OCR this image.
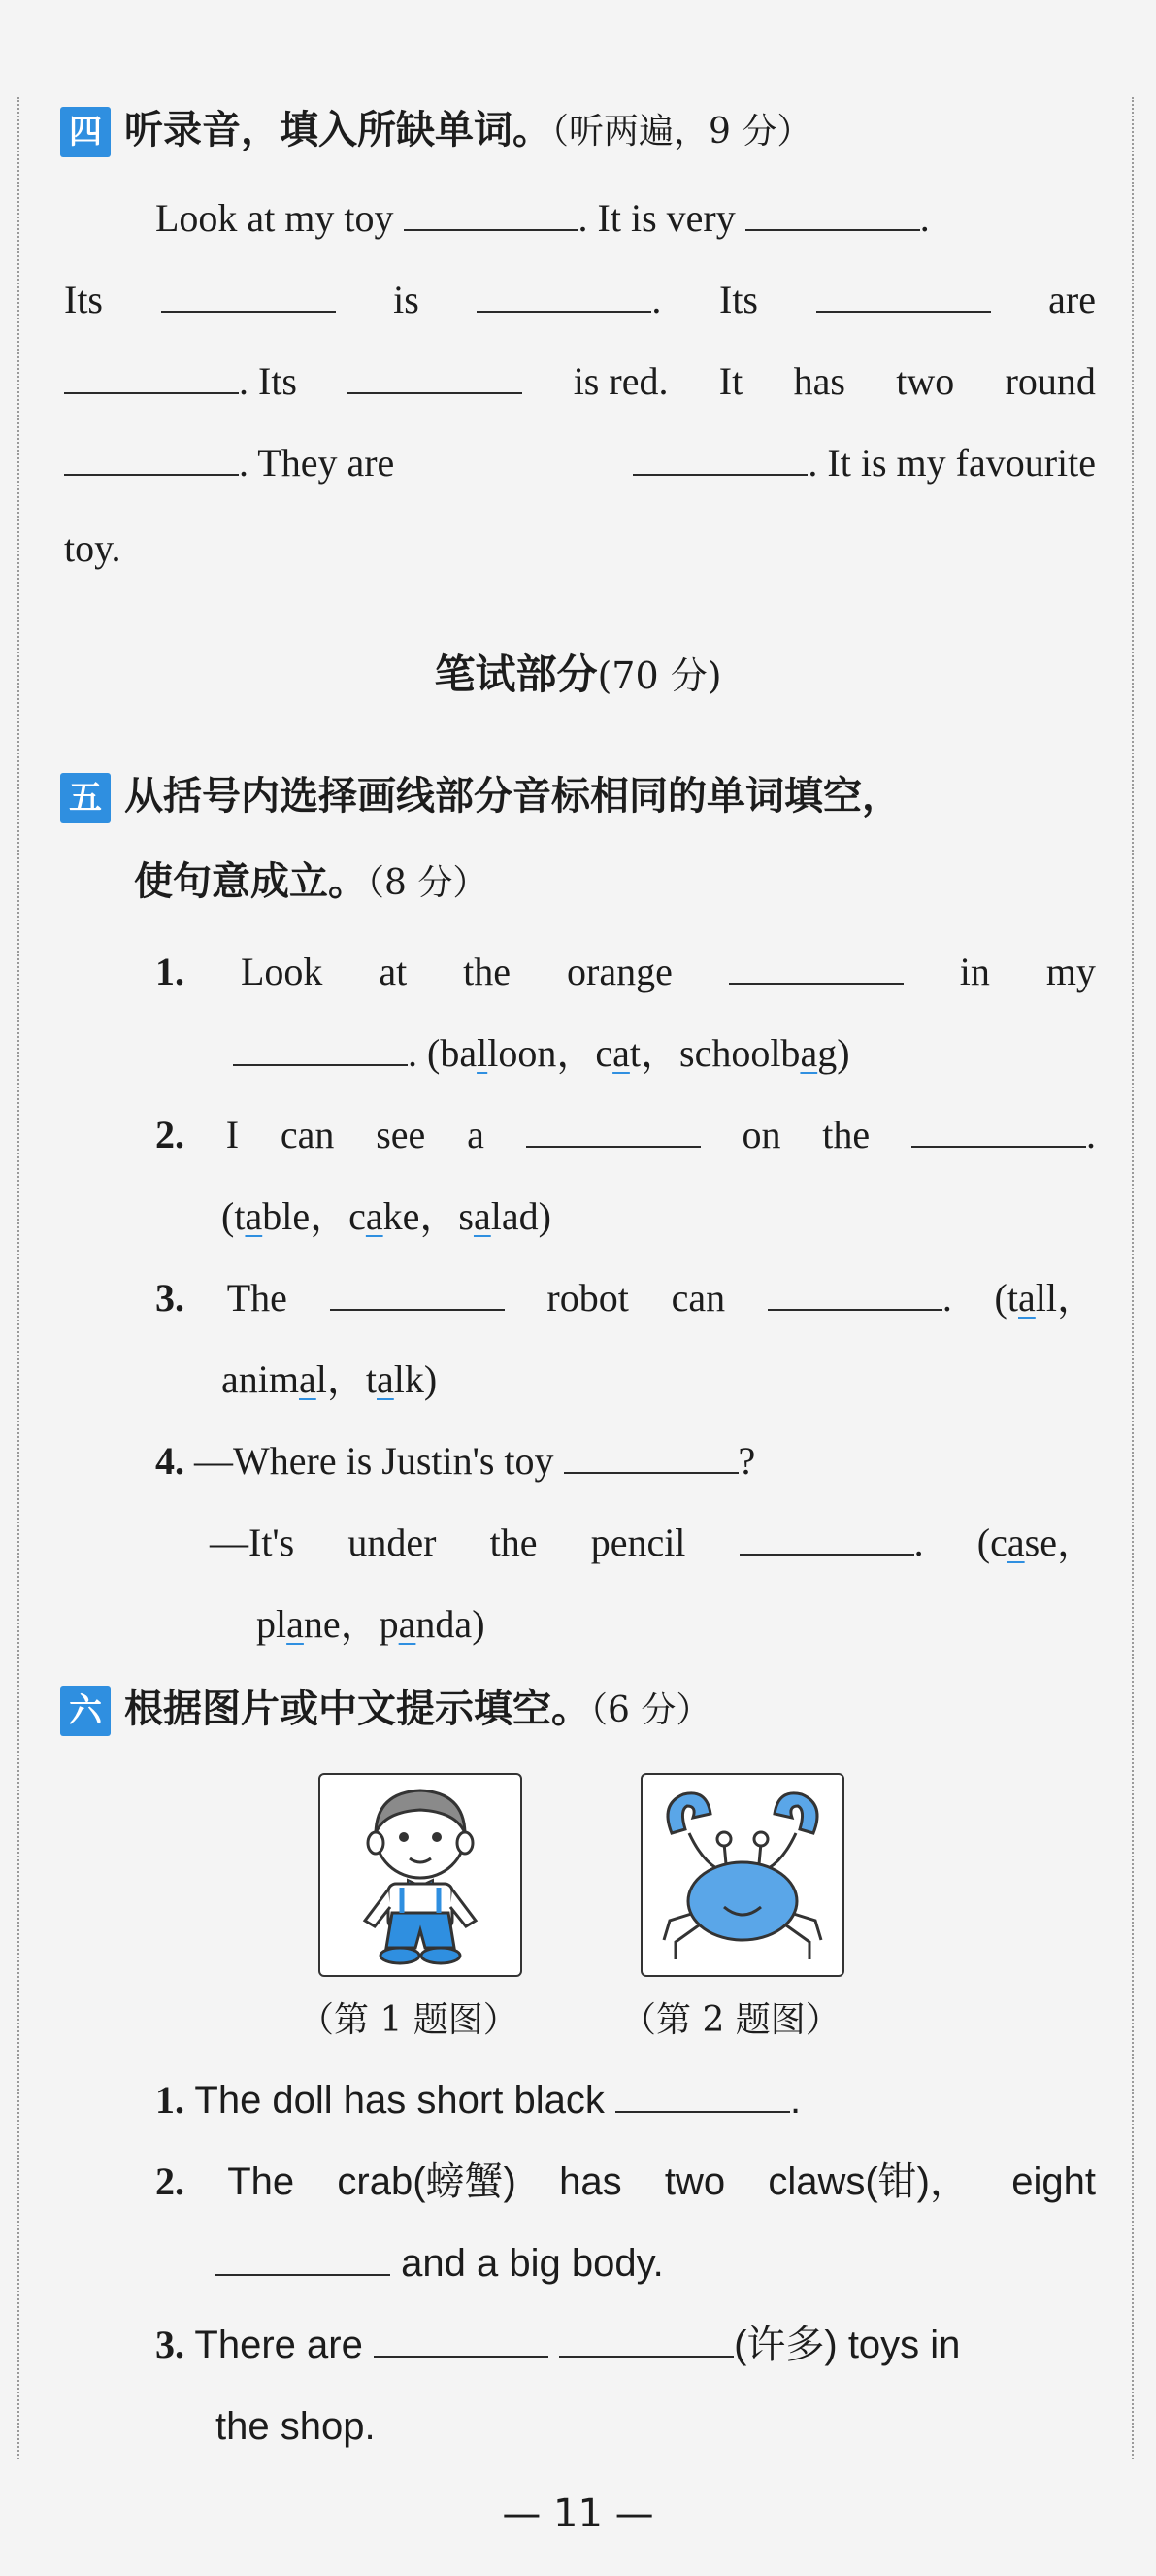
四 听录音，填入所缺单词。（听两遍，9 分）
Look at my toy	. It is very	.
Its	is	. Its	are
. Its	is red. It has two round
. They are	. It is my favourite
toy.
笔试部分(70 分)
五 从括号内选择画线部分音标相同的单词填空，
使句意成立。（8 分）
1. Look at the orange	in my
. (balloon，cat，schoolbag)
2. I can see a	on the	.
(table，cake，salad)
3. The	robot can	. (tall，
animal，talk)
4. —Where is Justin's toy	?
—It's under the pencil	. (case，
plane，panda)
六 根据图片或中文提示填空。（6 分）
（第 1 题图）	（第 2 题图）
1. The doll has short black	.
2. The crab(螃蟹) has two claws(钳)， eight
and a big body.
3. There are	(许多) toys in
the shop.
— 11 —
